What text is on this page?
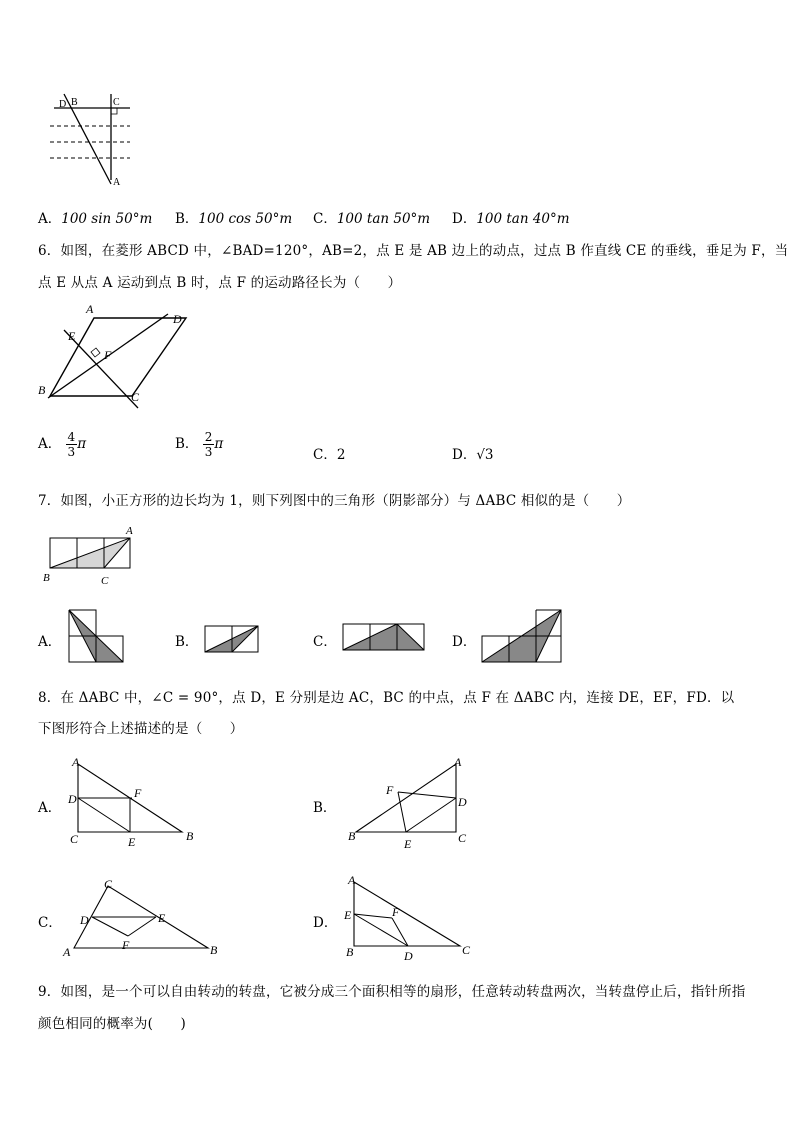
D B	C
A
A．100 sin 50°m B．100 cos 50°m C．100 tan 50°m D．100 tan 40°m
6．如图，在菱形 ABCD 中，∠BAD=120°，AB=2，点 E 是 AB 边上的动点，过点 B 作直线 CE 的垂线，垂足为 F，当
点 E 从点 A 运动到点 B 时，点 F 的运动路径长为（　　）
A
D
E
F
B	C
A． $\frac{4}{3}$ π	B． $\frac{2}{3}$ π
C．2	D．√3
7．如图，小正方形的边长均为 1，则下列图中的三角形（阴影部分）与 ΔABC 相似的是（　　）
A
B	C
A．	B．	C．	D．
8．在 ΔABC 中，∠C = 90°，点 D，E 分别是边 AC，BC 的中点，点 F 在 ΔABC 内，连接 DE，EF，FD．以
下图形符合上述描述的是（　　）
A．
A
D	F
C	E	B
B．
A
D
F
B
E	C
C．
C
D	E
F
A	B
D．
A
E	F
B	D	C
9．如图，是一个可以自由转动的转盘，它被分成三个面积相等的扇形，任意转动转盘两次，当转盘停止后，指针所指
颜色相同的概率为(　　)
